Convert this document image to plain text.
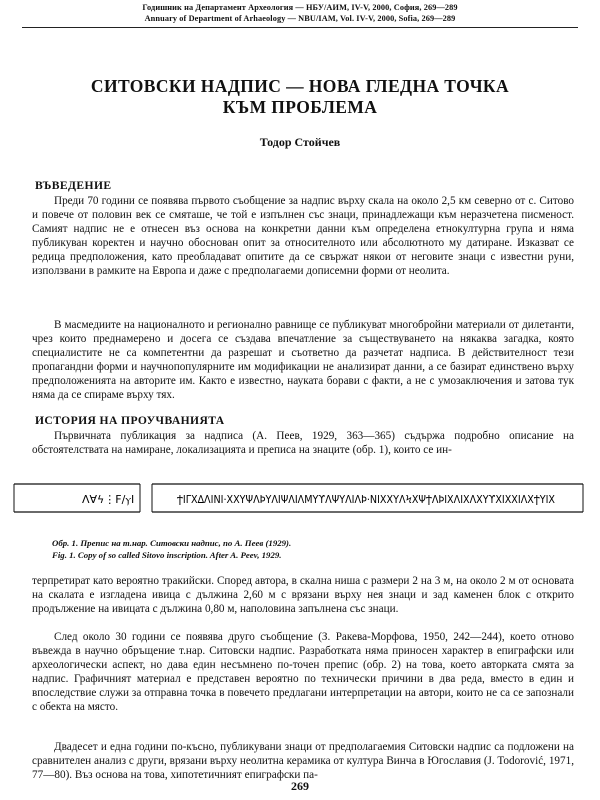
Годишник на Департамент Археология — НБУ/АИМ, IV-V, 2000, София, 269—289
Annuary of Department of Arhaeology — NBU/IAM, Vol. IV-V, 2000, Sofia, 269—289
СИТОВСКИ НАДПИС — НОВА ГЛЕДНА ТОЧКА
КЪМ ПРОБЛЕМА
Тодор Стойчев
ВЪВЕДЕНИЕ

Преди 70 години се появява първото съобщение за надпис върху скала на около 2,5 км северно от с. Ситово и повече от половин век се смяташе, че той е изпълнен със знаци, принадлежащи към неразчетена писменост. Самият надпис не е отнесен въз основа на конкретни данни към определена етнокултурна група и няма публикуван коректен и научно обоснован опит за относителното или абсолютното му датиране. Изказват се редица предположения, като преобладават опитите да се свържат някои от неговите знаци с известни руни, използвани в рамките на Европа и даже с предполагаеми дописемни форми от неолита.

В масмедиите на националното и регионално равнище се публикуват многобройни материали от дилетанти, чрез които преднамерено и досега се създава впечатление за съществуването на някаква загадка, която специалистите не са компетентни да разрешат и съответно да разчетат надписа. В действителност тези пропагандни форми и научнопопулярните им модификации не анализират данни, а се базират единствено върху предположенията на авторите им. Както е известно, науката борави с факти, а не с умозаключения и затова тук няма да се спираме върху тях.

ИСТОРИЯ НА ПРОУЧВАНИЯТА

Първичната публикация за надписа (А. Пеев, 1929, 363—365) съдържа подробно описание на обстоятелствата на намиране, локализацията и преписа на знаците (обр. 1), които се ин-

ΛⱯϟ⋮Ϝ∕ⲩΙ	ϮΙΓΧ∆ΛΙΝΙ·ΧΧΥΨΛϷΥΛΙΨΛΙΛΜΥϒΛΨΥΛΙΛϷ·ΝΙΧΧΥΛϞΧΨϮΛϷΙΧΛΙΧΛΧΥϒΧΙΧΧΙΛΧϮΥΙΧ
Обр. 1. Препис на т.нар. Ситовски надпис, по А. Пеев (1929).
Fig. 1. Copy of so called Sitovo inscription. After A. Peev, 1929.

терпретират като вероятно тракийски. Според автора, в скална ниша с размери 2 на 3 м, на около 2 м от основата на скалата е изгладена ивица с дължина 2,60 м с врязани върху нея знаци и зад каменен блок с открито продължение на ивицата с дължина 0,80 м, наполовина запълнена със знаци.

След около 30 години се появява друго съобщение (З. Ракева-Морфова, 1950, 242—244), което отново въвежда в научно обръщение т.нар. Ситовски надпис. Разработката няма приносен характер в епиграфски или археологически аспект, но дава един несъмнено по-точен препис (обр. 2) на това, което авторката смята за надпис. Графичният материал е представен вероятно по технически причини в два реда, вместо в един и впоследствие служи за отправна точка в повечето предлагани интерпретации на автори, които не са се запознали с обекта на място.

Двадесет и една години по-късно, публикувани знаци от предполагаемия Ситовски надпис са подложени на сравнителен анализ с други, врязани върху неолитна керамика от култура Винча в Югославия (J. Todorović, 1971, 77—80). Въз основа на това, хипотетичният епиграфски па-

269
